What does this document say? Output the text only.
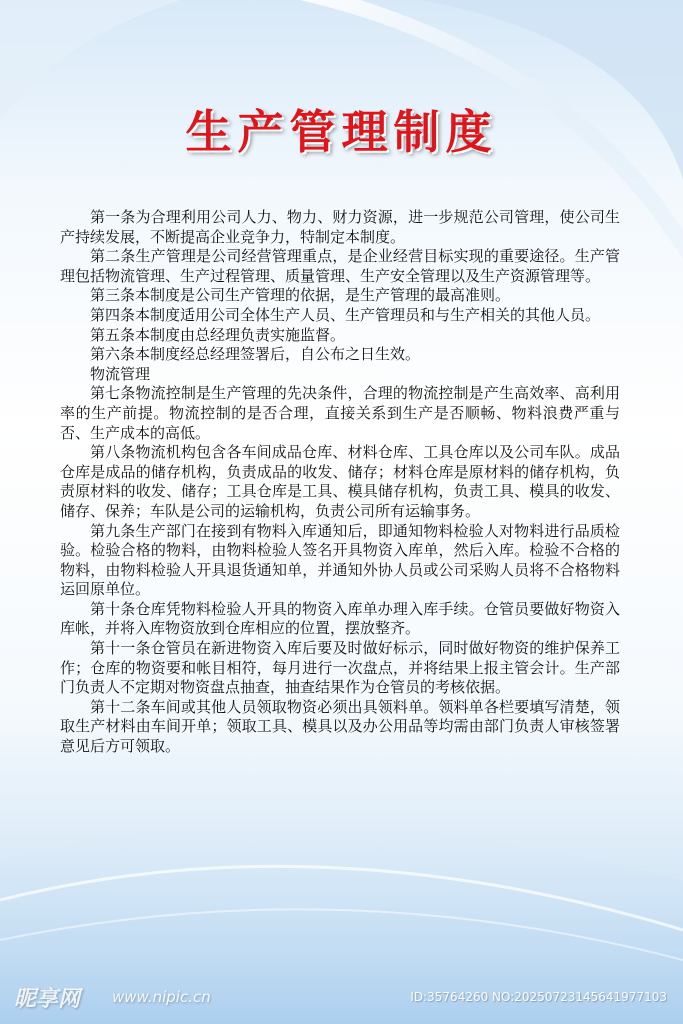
生产管理制度

第一条为合理利用公司人力、物力、财力资源，进一步规范公司管理，使公司生产持续发展，不断提高企业竞争力，特制定本制度。

第二条生产管理是公司经营管理重点，是企业经营目标实现的重要途径。生产管理包括物流管理、生产过程管理、质量管理、生产安全管理以及生产资源管理等。

第三条本制度是公司生产管理的依据，是生产管理的最高准则。

第四条本制度适用公司全体生产人员、生产管理员和与生产相关的其他人员。

第五条本制度由总经理负责实施监督。

第六条本制度经总经理签署后，自公布之日生效。

物流管理

第七条物流控制是生产管理的先决条件，合理的物流控制是产生高效率、高利用率的生产前提。物流控制的是否合理，直接关系到生产是否顺畅、物料浪费严重与否、生产成本的高低。

第八条物流机构包含各车间成品仓库、材料仓库、工具仓库以及公司车队。成品仓库是成品的储存机构，负责成品的收发、储存；材料仓库是原材料的储存机构，负责原材料的收发、储存；工具仓库是工具、模具储存机构，负责工具、模具的收发、储存、保养；车队是公司的运输机构，负责公司所有运输事务。

第九条生产部门在接到有物料入库通知后，即通知物料检验人对物料进行品质检验。检验合格的物料，由物料检验人签名开具物资入库单，然后入库。检验不合格的物料，由物料检验人开具退货通知单，并通知外协人员或公司采购人员将不合格物料运回原单位。

第十条仓库凭物料检验人开具的物资入库单办理入库手续。仓管员要做好物资入库帐，并将入库物资放到仓库相应的位置，摆放整齐。

第十一条仓管员在新进物资入库后要及时做好标示，同时做好物资的维护保养工作；仓库的物资要和帐目相符，每月进行一次盘点，并将结果上报主管会计。生产部门负责人不定期对物资盘点抽查，抽查结果作为仓管员的考核依据。

第十二条车间或其他人员领取物资必须出具领料单。领料单各栏要填写清楚，领取生产材料由车间开单；领取工具、模具以及办公用品等均需由部门负责人审核签署意见后方可领取。

昵享网 www.nipic.cn	ID:35764260 NO:20250723145641977103
